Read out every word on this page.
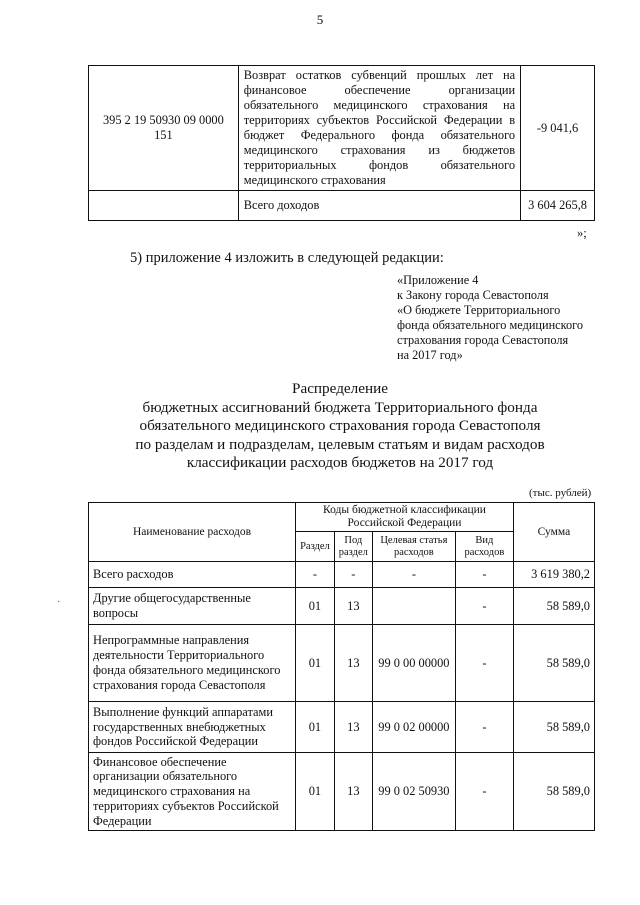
5
395 2 19 50930 09 0000 151	Возврат остатков субвенций прошлых лет на финансовое обеспечение организации обязательного медицинского страхования на территориях субъектов Российской Федерации в бюджет Федерального фонда обязательного медицинского страхования из бюджетов территориальных фондов обязательного медицинского страхования	-9 041,6
	Всего доходов	3 604 265,8
»;
5) приложение 4 изложить в следующей редакции:
«Приложение 4
к Закону города Севастополя
«О бюджете Территориального
фонда обязательного медицинского
страхования города Севастополя
на 2017 год»
Распределение
бюджетных ассигнований бюджета Территориального фонда
обязательного медицинского страхования города Севастополя
по разделам и подразделам, целевым статьям и видам расходов
классификации расходов бюджетов на 2017 год
(тыс. рублей)
·
Наименование расходов	Коды бюджетной классификации Российской Федерации				Сумма
	Раздел	Под раздел	Целевая статья расходов	Вид расходов	
Всего расходов	-	-	-	-	3 619 380,2
Другие общегосударственные вопросы	01	13		-	58 589,0
Непрограммные направления деятельности Территориального фонда обязательного медицинского страхования города Севастополя	01	13	99 0 00 00000	-	58 589,0
Выполнение функций аппаратами государственных внебюджетных фондов Российской Федерации	01	13	99 0 02 00000	-	58 589,0
Финансовое обеспечение организации обязательного медицинского страхования на территориях субъектов Российской Федерации	01	13	99 0 02 50930	-	58 589,0
